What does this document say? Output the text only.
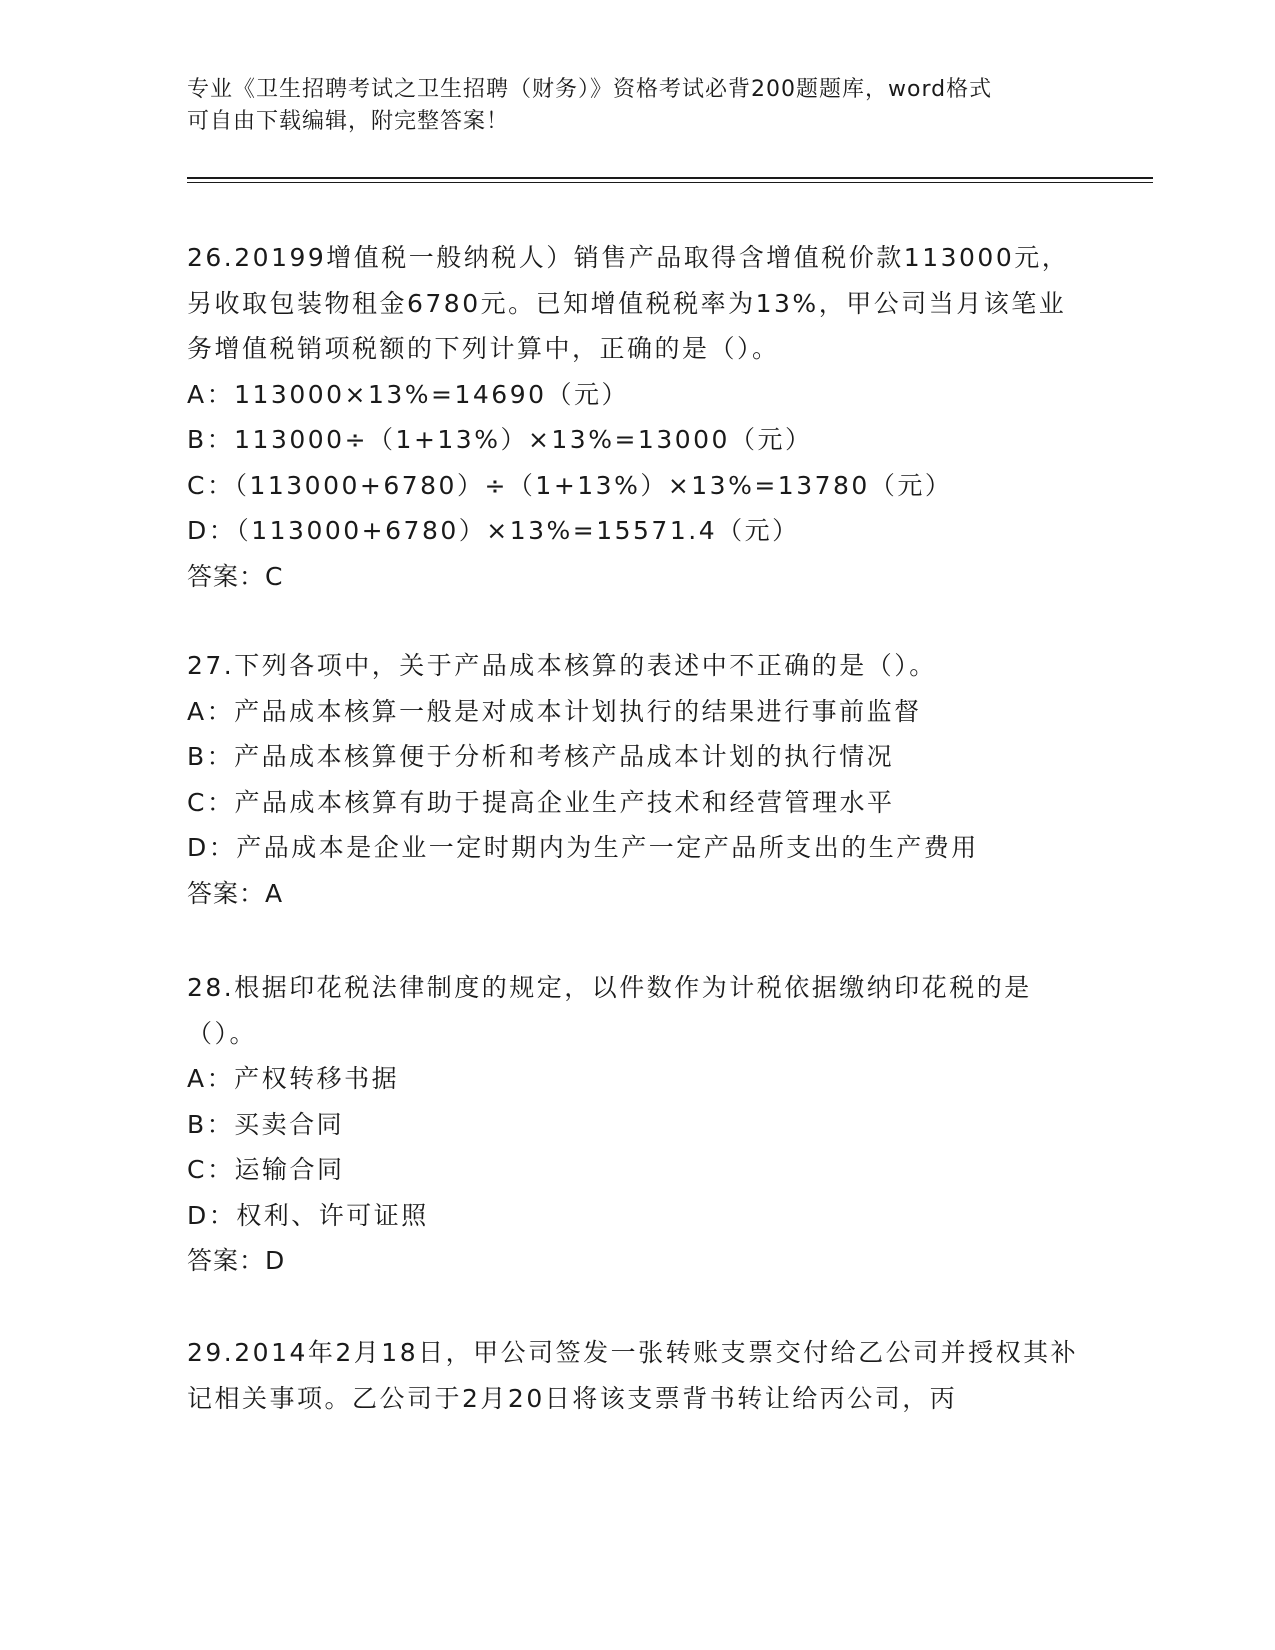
专业《卫生招聘考试之卫生招聘（财务）》资格考试必背200题题库，word格式
可自由下载编辑，附完整答案！

26.20199增值税一般纳税人）销售产品取得含增值税价款113000元，另收取包装物租金6780元。已知增值税税率为13%，甲公司当月该笔业务增值税销项税额的下列计算中，正确的是（）。

A：113000×13%=14690（元）

B：113000÷（1+13%）×13%=13000（元）

C：（113000+6780）÷（1+13%）×13%=13780（元）

D：（113000+6780）×13%=15571.4（元）

答案：C

27.下列各项中，关于产品成本核算的表述中不正确的是（）。

A：产品成本核算一般是对成本计划执行的结果进行事前监督

B：产品成本核算便于分析和考核产品成本计划的执行情况

C：产品成本核算有助于提高企业生产技术和经营管理水平

D：产品成本是企业一定时期内为生产一定产品所支出的生产费用

答案：A

28.根据印花税法律制度的规定，以件数作为计税依据缴纳印花税的是（）。

A：产权转移书据

B：买卖合同

C：运输合同

D：权利、许可证照

答案：D

29.2014年2月18日，甲公司签发一张转账支票交付给乙公司并授权其补记相关事项。乙公司于2月20日将该支票背书转让给丙公司，丙
